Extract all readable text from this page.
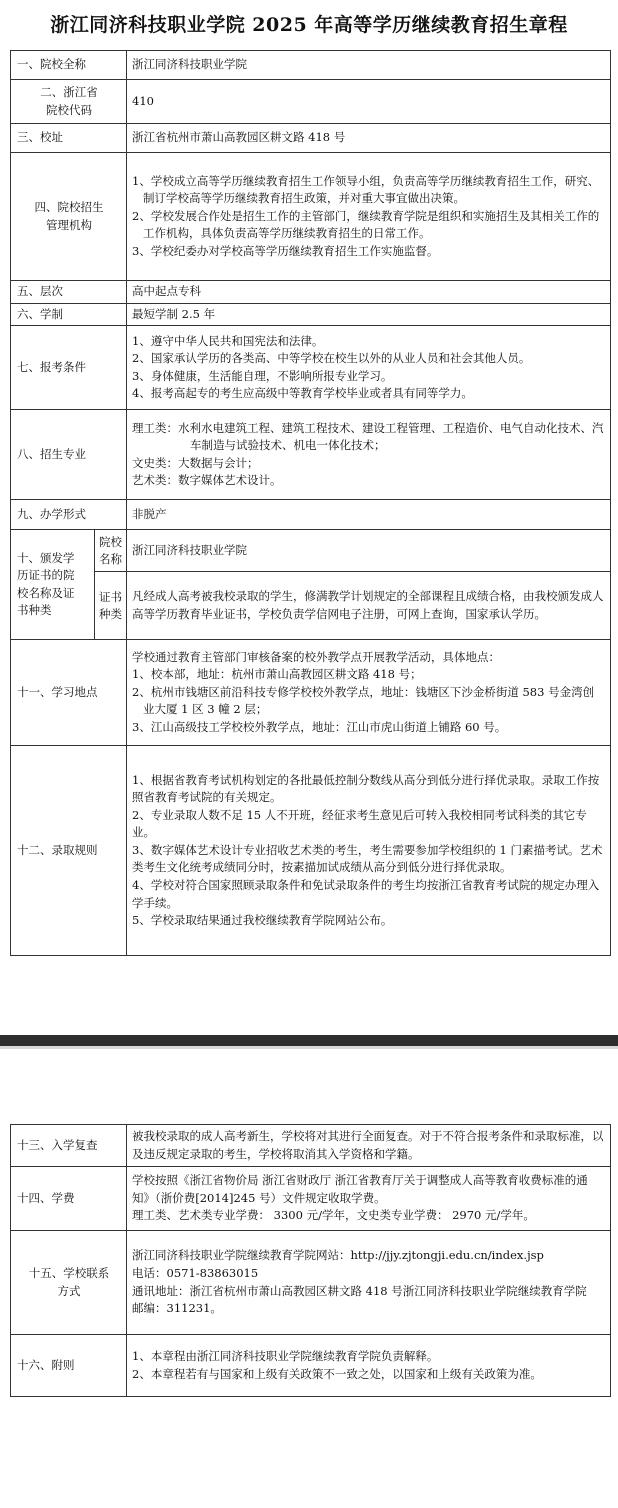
浙江同济科技职业学院 2025 年高等学历继续教育招生章程
一、院校全称		浙江同济科技职业学院

二、浙江省
院校代码		410
三、校址		浙江省杭州市萧山高教园区耕文路 418 号

四、院校招生
管理机构		1、学校成立高等学历继续教育招生工作领导小组，负责高等学历继续教育招生工作，研究、制订学校高等学历继续教育招生政策，并对重大事宜做出决策。
2、学校发展合作处是招生工作的主管部门，继续教育学院是组织和实施招生及其相关工作的工作机构，具体负责高等学历继续教育招生的日常工作。
3、学校纪委办对学校高等学历继续教育招生工作实施监督。

五、层次		高中起点专科
六、学制		最短学制 2.5 年
七、报考条件		1、遵守中华人民共和国宪法和法律。
2、国家承认学历的各类高、中等学校在校生以外的从业人员和社会其他人员。
3、身体健康，生活能自理，不影响所报专业学习。
4、报考高起专的考生应高级中等教育学校毕业或者具有同等学力。

八、招生专业		理工类：水利水电建筑工程、建筑工程技术、建设工程管理、工程造价、电气自动化技术、汽车制造与试验技术、机电一体化技术；
文史类：大数据与会计；
艺术类：数字媒体艺术设计。

九、办学形式		非脱产

十、颁发学
历证书的院
校名称及证
书种类	院校
名称	浙江同济科技职业学院

	证书
种类	凡经成人高考被我校录取的学生，修满教学计划规定的全部课程且成绩合格，由我校颁发成人高等学历教育毕业证书，学校负责学信网电子注册，可网上查询，国家承认学历。
十一、学习地点		学校通过教育主管部门审核备案的校外教学点开展教学活动，具体地点：
1、校本部，地址：杭州市萧山高教园区耕文路 418 号；
2、杭州市钱塘区前沿科技专修学校校外教学点，地址：钱塘区下沙金桥街道 583 号金湾创业大厦 1 区 3 幢 2 层；
3、江山高级技工学校校外教学点，地址：江山市虎山街道上铺路 60 号。

十二、录取规则		1、根据省教育考试机构划定的各批最低控制分数线从高分到低分进行择优录取。录取工作按照省教育考试院的有关规定。
2、专业录取人数不足 15 人不开班，经征求考生意见后可转入我校相同考试科类的其它专业。
3、数字媒体艺术设计专业招收艺术类的考生，考生需要参加学校组织的 1 门素描考试。艺术类考生文化统考成绩同分时，按素描加试成绩从高分到低分进行择优录取。
4、学校对符合国家照顾录取条件和免试录取条件的考生均按浙江省教育考试院的规定办理入学手续。
5、学校录取结果通过我校继续教育学院网站公布。
十三、入学复查	被我校录取的成人高考新生，学校将对其进行全面复查。对于不符合报考条件和录取标准，以及违反规定录取的考生，学校将取消其入学资格和学籍。
十四、学费	学校按照《浙江省物价局 浙江省财政厅 浙江省教育厅关于调整成人高等教育收费标准的通知》（浙价费[2014]245 号）文件规定收取学费。
理工类、艺术类专业学费： 3300 元/学年，文史类专业学费： 2970 元/学年。

十五、学校联系
方式	浙江同济科技职业学院继续教育学院网站：http://jjy.zjtongji.edu.cn/index.jsp
电话：0571-83863015
通讯地址：浙江省杭州市萧山高教园区耕文路 418 号浙江同济科技职业学院继续教育学院
邮编：311231。

十六、附则	1、本章程由浙江同济科技职业学院继续教育学院负责解释。
2、本章程若有与国家和上级有关政策不一致之处，以国家和上级有关政策为准。
